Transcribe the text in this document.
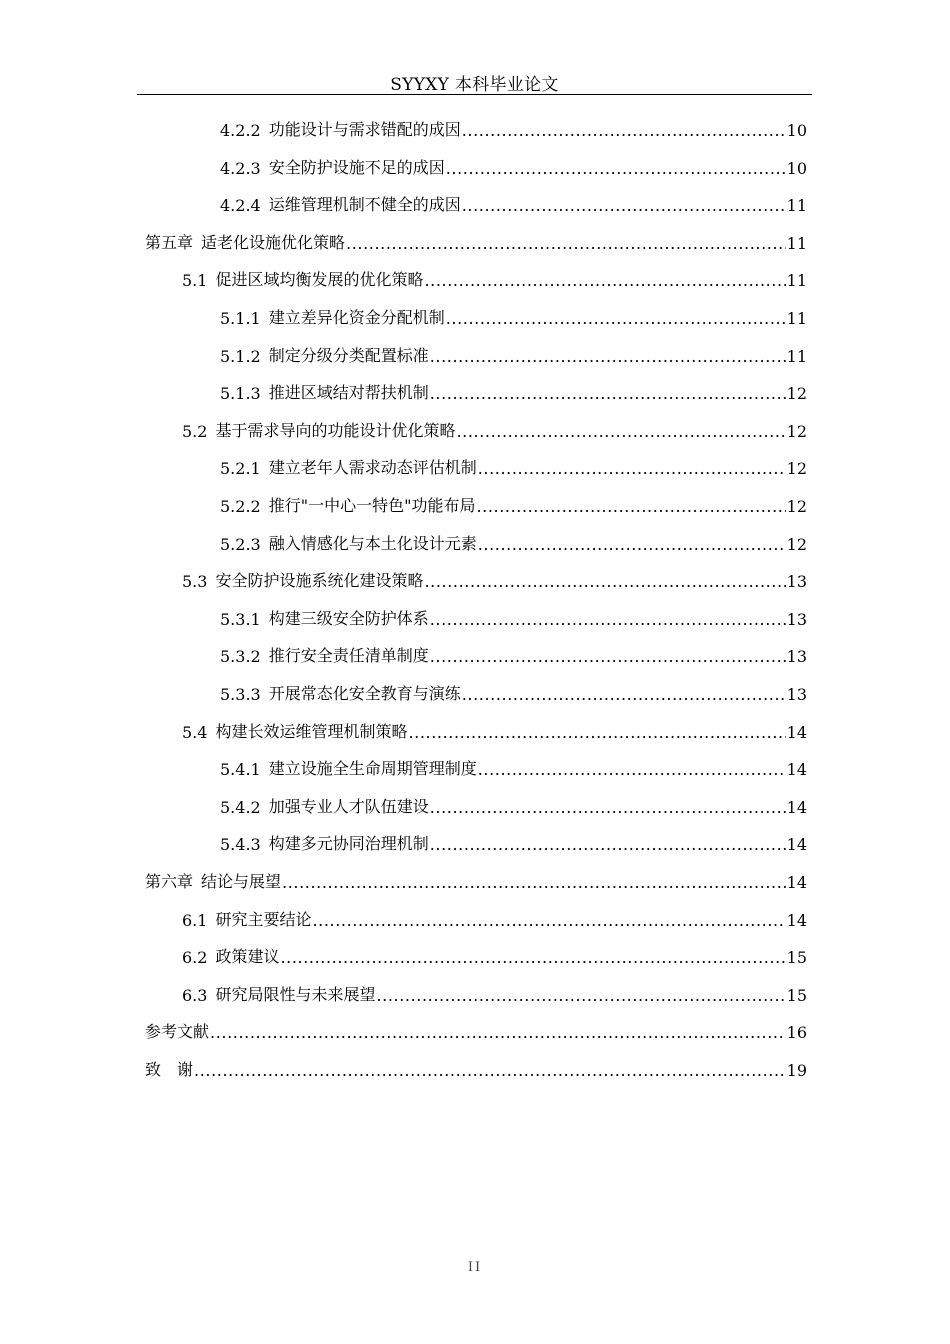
SYYXY 本科毕业论文
4.2.2 功能设计与需求错配的成因 .....	10
4.2.3 安全防护设施不足的成因 .....	10
4.2.4 运维管理机制不健全的成因 .....	11
第五章 适老化设施优化策略 .....	11
5.1 促进区域均衡发展的优化策略 .....	11
5.1.1 建立差异化资金分配机制 .....	11
5.1.2 制定分级分类配置标准 .....	11
5.1.3 推进区域结对帮扶机制 .....	12
5.2 基于需求导向的功能设计优化策略 .....	12
5.2.1 建立老年人需求动态评估机制 .....	12
5.2.2 推行"一中心一特色"功能布局 .....	12
5.2.3 融入情感化与本土化设计元素 .....	12
5.3 安全防护设施系统化建设策略 .....	13
5.3.1 构建三级安全防护体系 .....	13
5.3.2 推行安全责任清单制度 .....	13
5.3.3 开展常态化安全教育与演练 .....	13
5.4 构建长效运维管理机制策略 .....	14
5.4.1 建立设施全生命周期管理制度 .....	14
5.4.2 加强专业人才队伍建设 .....	14
5.4.3 构建多元协同治理机制 .....	14
第六章 结论与展望 .....	14
6.1 研究主要结论 .....	14
6.2 政策建议 .....	15
6.3 研究局限性与未来展望 .....	15
参考文献 .....	16
致　谢 .....	19
II
